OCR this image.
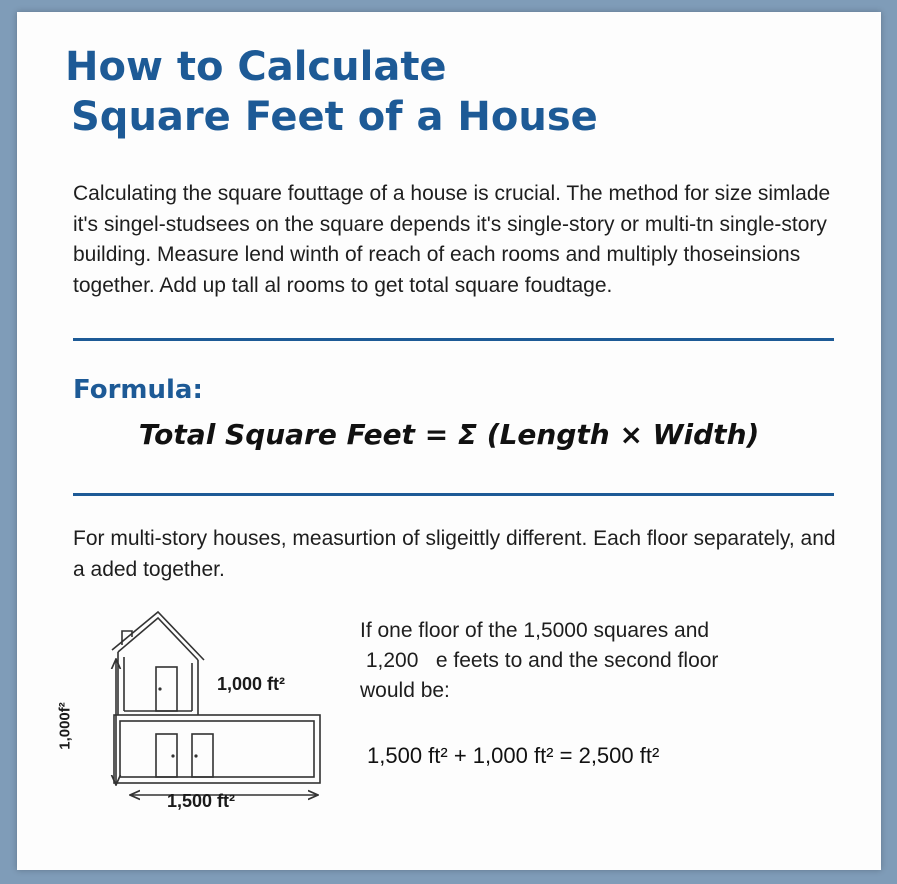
How to Calculate
Square Feet of a House

Calculating the square fouttage of a house is crucial. The method for size simlade it's singel-studsees on the square depends it's single-story or multi-tn single-story building. Measure lend winth of reach of each rooms and multiply thoseinsions together. Add up tall al rooms to get total square foudtage.

Formula:
Total Square Feet = Σ (Length × Width)

For multi-story houses, measurtion of sligeittly different. Each floor separately, and a aded together.

1,000 ft²
1,500 ft²
1,000f²

If one floor of the 1,5000 squares and
1,200   e feets to and the second floor
would be:

1,500 ft² + 1,000 ft² = 2,500 ft²
